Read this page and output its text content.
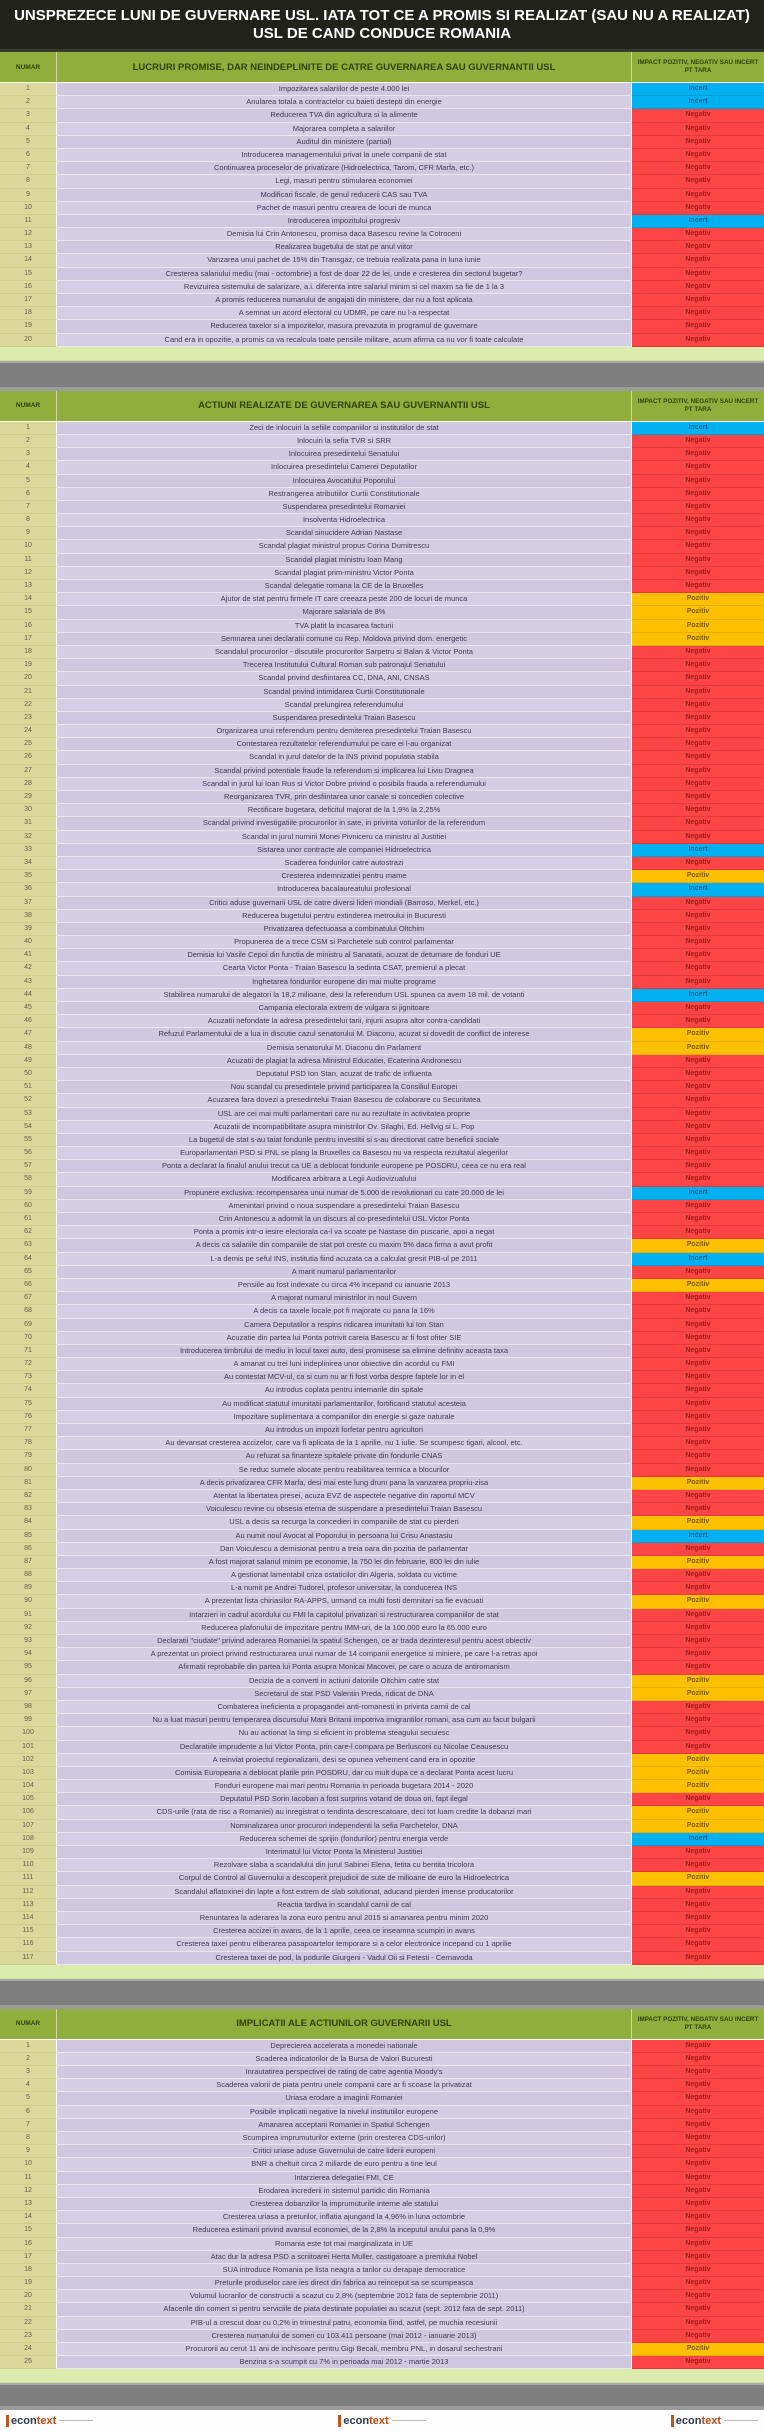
UNSPREZECE LUNI DE GUVERNARE USL. IATA TOT CE A PROMIS SI REALIZAT (SAU NU A REALIZAT) USL DE CAND CONDUCE ROMANIA
NUMAR	LUCRURI PROMISE, DAR NEINDEPLINITE DE CATRE GUVERNAREA SAU GUVERNANTII USL	IMPACT POZITIV, NEGATIV SAU INCERT PT TARA
1	Impozitarea salariilor de peste 4.000 lei	Incert
2	Anularea totala a contractelor cu baieti destepti din energie	Incert
3	Reducerea TVA din agricultura si la alimente	Negativ
4	Majorarea completa a salariilor	Negativ
5	Auditul din ministere (partial)	Negativ
6	Introducerea managementului privat la unele companii de stat	Negativ
7	Continuarea proceselor de privatizare (Hidroelectrica, Tarom, CFR Marfa, etc.)	Negativ
8	Legi, masuri pentru stimularea economiei	Negativ
9	Modificari fiscale, de genul reducerii CAS sau TVA	Negativ
10	Pachet de masuri pentru crearea de locuri de munca	Negativ
11	Introducerea impozitului progresiv	Incert
12	Demisia lui Crin Antonescu, promisa daca Basescu revine la Cotroceni	Negativ
13	Realizarea bugetului de stat pe anul viitor	Negativ
14	Vanzarea unui pachet de 15% din Transgaz, ce trebuia realizata pana in luna iunie	Negativ
15	Cresterea salariului mediu (mai - octombrie) a fost de doar 22 de lei, unde e cresterea din sectorul bugetar?	Negativ
16	Revizuirea sistemului de salarizare, a.i. diferenta intre salariul minim si cel maxim sa fie de 1 la 3	Negativ
17	A promis reducerea numarului de angajati din ministere, dar nu a fost aplicata	Negativ
18	A semnat un acord electoral cu UDMR, pe care nu l-a respectat	Negativ
19	Reducerea taxelor si a impozitelor, masura prevazuta in programul de guvernare	Negativ
20	Cand era in opozitie, a promis ca va recalcula toate pensiile militare, acum afirma ca nu vor fi toate calculate	Negativ
NUMAR	ACTIUNI REALIZATE DE GUVERNAREA SAU GUVERNANTII USL	IMPACT POZITIV, NEGATIV SAU INCERT PT TARA
1	Zeci de inlocuiri la sefiile companiilor si institutiilor de stat	Incert
2	Inlocuiri la sefia TVR si SRR	Negativ
3	Inlocuirea presedintelui Senatului	Negativ
4	Inlocuirea presedintelui Camerei Deputatilor	Negativ
5	Inlocuirea Avocatului Poporului	Negativ
6	Restrangerea atributiilor Curtii Constitutionale	Negativ
7	Suspendarea presedintelui Romaniei	Negativ
8	Insolventa Hidroelectrica	Negativ
9	Scandal sinucidere Adrian Nastase	Negativ
10	Scandal plagiat ministrul propus Corina Dumitrescu	Negativ
11	Scandal plagiat ministru Ioan Mang	Negativ
12	Scandal plagiat prim-ministru Victor Ponta	Negativ
13	Scandal delegatie romana la CE de la Bruxelles	Negativ
14	Ajutor de stat pentru firmele IT care creeaza peste 200 de locuri de munca	Pozitiv
15	Majorare salariala de 8%	Pozitiv
16	TVA platit la incasarea facturii	Pozitiv
17	Semnarea unei declaratii comune cu Rep. Moldova privind dom. energetic	Pozitiv
18	Scandalul procurorilor - discutiile procurorilor Sarpetru si Balan & Victor Ponta	Negativ
19	Trecerea Institutului Cultural Roman sub patronajul Senatului	Negativ
20	Scandal privind desfiintarea CC, DNA, ANI, CNSAS	Negativ
21	Scandal privind intimidarea Curtii Constitutionale	Negativ
22	Scandal prelungirea referendumului	Negativ
23	Suspendarea presedintelui Traian Basescu	Negativ
24	Organizarea unui referendum pentru demiterea presedintelui Traian Basescu	Negativ
25	Contestarea rezultatelor referendumului pe care ei l-au organizat	Negativ
26	Scandal in jurul datelor de la INS privind populatia stabila	Negativ
27	Scandal privind potentiale fraude la referendum si implicarea lui Liviu Dragnea	Negativ
28	Scandal in jurul lui Ioan Rus si Victor Dobre privind o posibila frauda a referendumului	Negativ
29	Reorganizarea TVR, prin desfiintarea unor canale si concedieri colective	Negativ
30	Rectificare bugetara, deficitul majorat de la 1,9% la 2,25%	Negativ
31	Scandal privind investigatiile procurorilor in sate, in privinta voturilor de la referendum	Negativ
32	Scandal in jurul numirii Monei Pivniceru ca ministru al Justitiei	Negativ
33	Sistarea unor contracte ale companiei Hidroelectrica	Incert
34	Scaderea fondurilor catre autostrazi	Negativ
35	Cresterea indemnizatiei pentru mame	Pozitiv
36	Introducerea bacalaureatului profesional	Incert
37	Critici aduse guvernarii USL de catre diversi lideri mondiali (Barroso, Merkel, etc.)	Negativ
38	Reducerea bugetului pentru extinderea metroului in Bucuresti	Negativ
39	Privatizarea defectuoasa a combinatului Oltchim	Negativ
40	Propunerea de a trece CSM si Parchetele sub control parlamentar	Negativ
41	Demisia lui Vasile Cepoi din functia de ministru al Sanatatii, acuzat de deturnare de fonduri UE	Negativ
42	Cearta Victor Ponta - Traian Basescu la sedinta CSAT, premierul a plecat	Negativ
43	Inghetarea fondurilor europene din mai multe programe	Negativ
44	Stabilirea numarului de alegatori la 18,2 milioane, desi la referendum USL spunea ca avem 18 mil. de votanti	Incert
45	Campania electorala extrem de vulgara si jignitoare	Negativ
46	Acuzatii nefondate la adresa presedintelui tarii, injurii asupra altor contra-candidati	Negativ
47	Refuzul Parlamentului de a lua in discutie cazul senatorului M. Diaconu, acuzat si dovedit de conflict de interese	Pozitiv
48	Demisia senatorului M. Diaconu din Parlament	Pozitiv
49	Acuzatii de plagiat la adresa Ministrul Educatiei, Ecaterina Andronescu	Negativ
50	Deputatul PSD Ion Stan, acuzat de trafic de influenta	Negativ
51	Nou scandal cu presedintele privind participarea la Consiliul Europei	Negativ
52	Acuzarea fara dovezi a presedintelui Traian Basescu de colaborare cu Securitatea	Negativ
53	USL are cei mai multi parlamentari care nu au rezultate in activitatea proprie	Negativ
54	Acuzatii de incompatibilitate asupra ministrilor Ov. Silaghi, Ed. Hellvig si L. Pop	Negativ
55	La bugetul de stat s-au taiat fondurile pentru investitii si s-au directionat catre beneficii sociale	Negativ
56	Europarlamentari PSD si PNL se plang la Bruxelles ca Basescu nu va respecta rezultatul alegerilor	Negativ
57	Ponta a declarat la finalul anului trecut ca UE a deblocat fondurile europene pe POSDRU, ceea ce nu era real	Negativ
58	Modificarea arbitrara a Legii Audiovizualului	Negativ
59	Propunere exclusiva: recompensarea unui numar de 5.000 de revolutionari cu cate 20.000 de lei	Incert
60	Amenintari privind o noua suspendare a presedintelui Traian Basescu	Negativ
61	Crin Antonescu a adormit la un discurs al co-presedintelui USL Victor Ponta	Negativ
62	Ponta a promis intr-o iesire electorala ca-l va scoate pe Nastase din puscarie, apoi a negat	Negativ
63	A decis ca salariile din companiile de stat pot creste cu maxim 5% daca firma a avut profit	Pozitiv
64	L-a demis pe seful INS, institutia fiind acuzata ca a calculat gresit PIB-ul pe 2011	Incert
65	A marit numarul parlamentarilor	Negativ
66	Pensiile au fost indexate cu circa 4% incepand cu ianuarie 2013	Pozitiv
67	A majorat numarul ministrilor in noul Guvern	Negativ
68	A decis ca taxele locale pot fi majorate cu pana la 16%	Negativ
69	Camera Deputatilor a respins ridicarea imunitatii lui Ion Stan	Negativ
70	Acuzatie din partea lui Ponta potrivit careia Basescu ar fi fost ofiter SIE	Negativ
71	Introducerea timbrului de mediu in locul taxei auto, desi promisese sa elimine definitiv aceasta taxa	Negativ
72	A amanat cu trei luni indeplinirea unor obiective din acordul cu FMI	Negativ
73	Au contestat MCV-ul, ca si cum nu ar fi fost vorba despre faptele lor in el	Negativ
74	Au introdus coplata pentru internarile din spitale	Negativ
75	Au modificat statutul imunitatii parlamentarilor, fortificand statutul acesteia	Negativ
76	Impozitare suplimentara a companiilor din energie si gaze naturale	Negativ
77	Au introdus un impozit forfetar pentru agricultori	Negativ
78	Au devansat cresterea accizelor, care va fi aplicata de la 1 aprilie, nu 1 iulie. Se scumpesc tigari, alcool, etc.	Negativ
79	Au refuzat sa finanteze spitalele private din fondurile CNAS	Negativ
80	Se reduc sumele alocate pentru reabilitarea termica a blocurilor	Negativ
81	A decis privatizarea CFR Marfa, desi mai este lung drum pana la vanzarea propriu-zisa	Pozitiv
82	Atentat la libertatea presei, acuza EVZ de aspectele negative din raportul MCV	Negativ
83	Voiculescu revine cu obsesia eterna de suspendare a presedintelui Traian Basescu	Negativ
84	USL a decis sa recurga la concedieri in companiile de stat cu pierderi	Pozitiv
85	Au numit noul Avocat al Poporului in persoana lui Crisu Anastasiu	Incert
86	Dan Voiculescu a demisionat pentru a treia oara din pozitia de parlamentar	Negativ
87	A fost majorat salariul minim pe economie, la 750 lei din februarie, 800 lei din iulie	Pozitiv
88	A gestionat lamentabil criza ostaticilor din Algeria, soldata cu victime	Negativ
89	L-a numit pe Andrei Tudorel, profesor universitar, la conducerea INS	Negativ
90	A prezentat lista chiriasilor RA-APPS, urmand ca multi fosti demnitari sa fie evacuati	Pozitiv
91	Intarzieri in cadrul acordului cu FMI la capitolul privatizari si restructurarea companiilor de stat	Negativ
92	Reducerea plafonului de impozitare pentru IMM-uri, de la 100.000 euro la 65.000 euro	Negativ
93	Declaratii "ciudate" privind aderarea Romaniei la spatiul Schengen, ce ar trada dezinteresul pentru acest obiectiv	Negativ
94	A prezentat un proiect privind restructurarea unui numar de 14 companii energetice si miniere, pe care l-a retras apoi	Negativ
95	Afirmatii reprobabile din partea lui Ponta asupra Monicai Macovei, pe care o acuza de antiromanism	Negativ
96	Decizia de a converti in actiuni datoriile Oltchim catre stat	Pozitiv
97	Secretarul de stat PSD Valentin Preda, ridicat de DNA	Pozitiv
98	Combaterea ineficienta a propagandei anti-romanesti in privinta carnii de cal	Negativ
99	Nu a luat masuri pentru temperarea discursului Marii Britanii impotriva imigrantilor romani, asa cum au facut bulgarii	Negativ
100	Nu au actionat la timp si eficient in problema steagului secuiesc	Negativ
101	Declaratiile imprudente a lui Victor Ponta, prin care-l compara pe Berlusconi cu Nicolae Ceausescu	Negativ
102	A reinviat proiectul regionalizarii, desi se opunea vehement cand era in opozitie	Pozitiv
103	Comisia Europeana a deblocat platile prin POSDRU, dar cu mult dupa ce a declarat Ponta acest lucru	Pozitiv
104	Fonduri europene mai mari pentru Romania in perioada bugetara 2014 - 2020	Pozitiv
105	Deputatul PSD Sorin Iacoban a fost surprins votand de doua ori, fapt ilegal	Negativ
106	CDS-urile (rata de risc a Romaniei) au inregistrat o tendinta descrescatoare, deci tot luam credite la dobanzi mari	Pozitiv
107	Nominalizarea unor procurori independenti la sefia Parchetelor, DNA	Pozitiv
108	Reducerea schemei de sprijin (fondurilor) pentru energia verde	Incert
109	Interimatul lui Victor Ponta la Ministerul Justitiei	Negativ
110	Rezolvare slaba a scandalului din jurul Sabinei Elena, fetita cu bentita tricolora	Negativ
111	Corpul de Control al Guvernului a descoperit prejudicii de sute de milioane de euro la Hidroelectrica	Pozitiv
112	Scandalul aflatoxinei din lapte a fost extrem de slab solutionat, aducand pierderi imense producatorilor	Negativ
113	Reactia tardiva in scandalul carnii de cal	Negativ
114	Renuntarea la aderarea la zona euro pentru anul 2015 si amanarea pentru minim 2020	Negativ
115	Cresterea accizei in avans, de la 1 aprilie, ceea ce inseamna scumpiri in avans	Negativ
116	Cresterea taxei pentru eliberarea pasapoartelor temporare si a celor electronice incepand cu 1 aprilie	Negativ
117	Cresterea taxei de pod, la podurile Giurgeni - Vadul Oii si Fetesti - Cernavoda	Negativ
NUMAR	IMPLICATII ALE ACTIUNILOR GUVERNARII USL	IMPACT POZITIV, NEGATIV SAU INCERT PT TARA
1	Deprecierea accelerata a monedei nationale	Negativ
2	Scaderea indicatorilor de la Bursa de Valori Bucuresti	Negativ
3	Inrautatirea perspectivei de rating de catre agentia Moody's	Negativ
4	Scaderea valorii de piata pentru unele companii care ar fi scoase la privatizat	Negativ
5	Uriasa erodare a imaginii Romaniei	Negativ
6	Posibile implicatii negative la nivelul institutiilor europene	Negativ
7	Amanarea acceptarii Romaniei in Spatiul Schengen	Negativ
8	Scumpirea imprumuturilor externe (prin cresterea CDS-urilor)	Negativ
9	Critici uriase aduse Guvernului de catre liderii europeni	Negativ
10	BNR a cheltuit circa 2 miliarde de euro pentru a tine leul	Negativ
11	Intarzierea delegatiei FMI, CE	Negativ
12	Erodarea increderii in sistemul partidic din Romania	Negativ
13	Cresterea dobanzilor la imprumuturile interne ale statului	Negativ
14	Cresterea uriasa a preturilor, inflatia ajungand la 4,96% in luna octombrie	Negativ
15	Reducerea estimarii privind avansul economiei, de la 2,8% la inceputul anului pana la 0,9%	Negativ
16	Romania este tot mai marginalizata in UE	Negativ
17	Atac dur la adresa PSD a scriitoarei Herta Muller, castigatoare a premiului Nobel	Negativ
18	SUA introduce Romania pe lista neagra a tarilor cu derapaje democratice	Negativ
19	Preturile produselor care ies direct din fabrica au reinceput sa se scumpeasca	Negativ
20	Volumul lucrarilor de constructii a scazut cu 2,8% (septembrie 2012 fata de septembrie 2011)	Negativ
21	Afacerile din comert si pentru serviciile de piata destinate populatiei au scazut (sept. 2012 fata de sept. 2011)	Negativ
22	PIB-ul a crescut doar cu 0,2% in trimestrul patru, economia fiind, astfel, pe muchia recesiunii	Negativ
23	Cresterea numarului de someri cu 103.411 persoane (mai 2012 - ianuarie 2013)	Negativ
24	Procurorii au cerut 11 ani de inchisoare pentru Gigi Becali, membru PNL, in dosarul sechestrarii	Pozitiv
25	Benzina s-a scumpit cu 7% in perioada mai 2012 - martie 2013	Negativ
econ text	econ text	econ text
